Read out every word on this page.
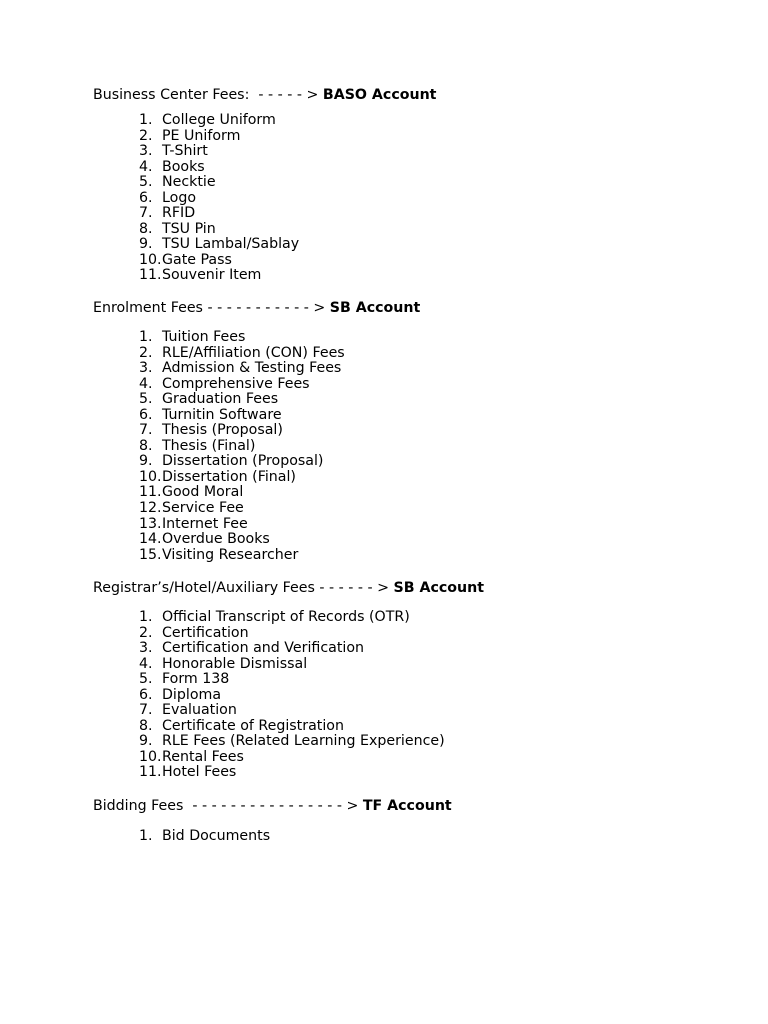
Business Center Fees:  - - - - - > BASO Account

1. College Uniform
2. PE Uniform
3. T-Shirt
4. Books
5. Necktie
6. Logo
7. RFID
8. TSU Pin
9. TSU Lambal/Sablay
10.Gate Pass
11.Souvenir Item

Enrolment Fees - - - - - - - - - - - > SB Account

1. Tuition Fees
2. RLE/Affiliation (CON) Fees
3. Admission & Testing Fees
4. Comprehensive Fees
5. Graduation Fees
6. Turnitin Software
7. Thesis (Proposal)
8. Thesis (Final)
9. Dissertation (Proposal)
10.Dissertation (Final)
11.Good Moral
12.Service Fee
13.Internet Fee
14.Overdue Books
15.Visiting Researcher

Registrar’s/Hotel/Auxiliary Fees - - - - - - > SB Account

1. Official Transcript of Records (OTR)
2. Certification
3. Certification and Verification
4. Honorable Dismissal
5. Form 138
6. Diploma
7. Evaluation
8. Certificate of Registration
9. RLE Fees (Related Learning Experience)
10.Rental Fees
11.Hotel Fees

Bidding Fees  - - - - - - - - - - - - - - - - > TF Account

1. Bid Documents
